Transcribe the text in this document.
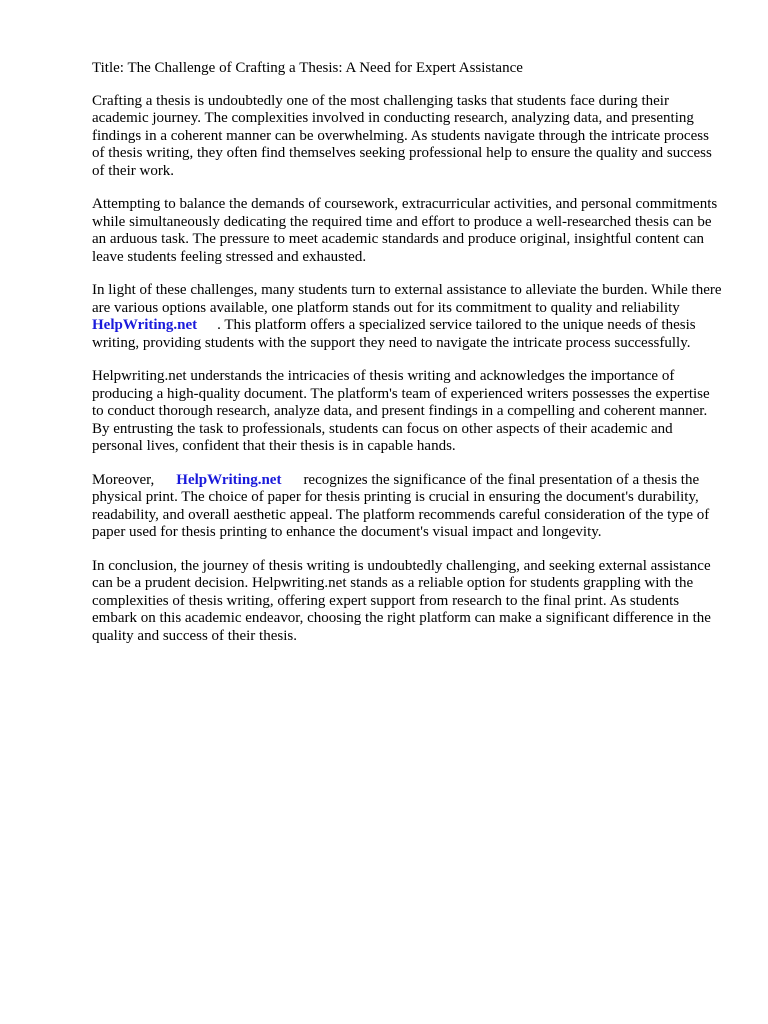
Title: The Challenge of Crafting a Thesis: A Need for Expert Assistance

Crafting a thesis is undoubtedly one of the most challenging tasks that students face during their academic journey. The complexities involved in conducting research, analyzing data, and presenting findings in a coherent manner can be overwhelming. As students navigate through the intricate process of thesis writing, they often find themselves seeking professional help to ensure the quality and success of their work.

Attempting to balance the demands of coursework, extracurricular activities, and personal commitments while simultaneously dedicating the required time and effort to produce a well-researched thesis can be an arduous task. The pressure to meet academic standards and produce original, insightful content can leave students feeling stressed and exhausted.

In light of these challenges, many students turn to external assistance to alleviate the burden. While there are various options available, one platform stands out for its commitment to quality and reliabilityHelpWriting.net . This platform offers a specialized service tailored to the unique needs of thesis writing, providing students with the support they need to navigate the intricate process successfully.

Helpwriting.net understands the intricacies of thesis writing and acknowledges the importance of producing a high-quality document. The platform's team of experienced writers possesses the expertise to conduct thorough research, analyze data, and present findings in a compelling and coherent manner. By entrusting the task to professionals, students can focus on other aspects of their academic and personal lives, confident that their thesis is in capable hands.

Moreover, HelpWriting.net recognizes the significance of the final presentation of a thesis the physical print. The choice of paper for thesis printing is crucial in ensuring the document's durability, readability, and overall aesthetic appeal. The platform recommends careful consideration of the type of paper used for thesis printing to enhance the document's visual impact and longevity.

In conclusion, the journey of thesis writing is undoubtedly challenging, and seeking external assistance can be a prudent decision. Helpwriting.net stands as a reliable option for students grappling with the complexities of thesis writing, offering expert support from research to the final print. As students embark on this academic endeavor, choosing the right platform can make a significant difference in the quality and success of their thesis.
